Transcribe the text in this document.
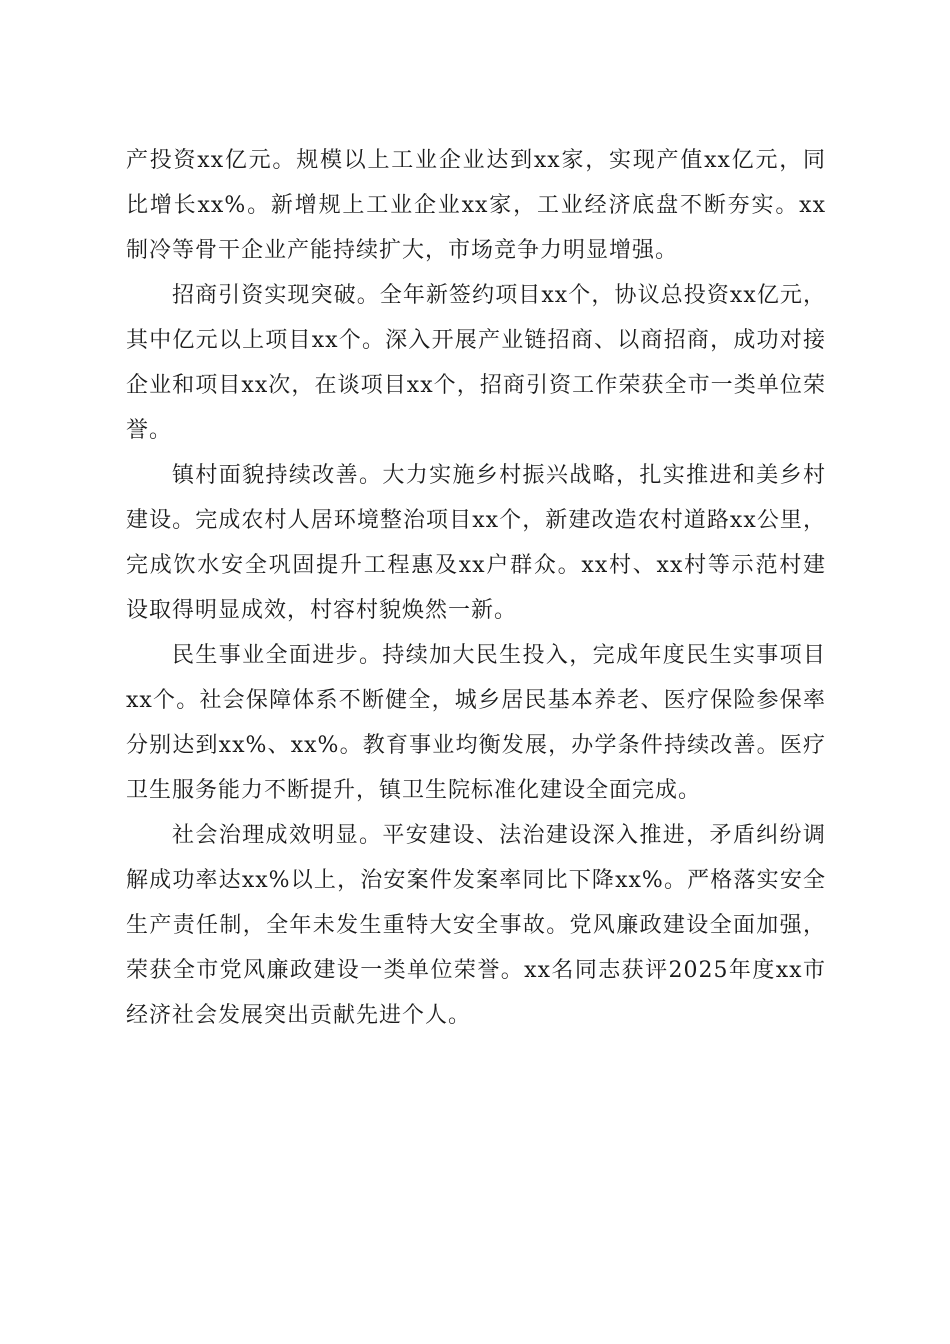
产投资xx亿元。规模以上工业企业达到xx家，实现产值xx亿元，同比增长xx%。新增规上工业企业xx家，工业经济底盘不断夯实。xx制冷等骨干企业产能持续扩大，市场竞争力明显增强。

招商引资实现突破。全年新签约项目xx个，协议总投资xx亿元，其中亿元以上项目xx个。深入开展产业链招商、以商招商，成功对接企业和项目xx次，在谈项目xx个，招商引资工作荣获全市一类单位荣誉。

镇村面貌持续改善。大力实施乡村振兴战略，扎实推进和美乡村建设。完成农村人居环境整治项目xx个，新建改造农村道路xx公里，完成饮水安全巩固提升工程惠及xx户群众。xx村、xx村等示范村建设取得明显成效，村容村貌焕然一新。

民生事业全面进步。持续加大民生投入，完成年度民生实事项目xx个。社会保障体系不断健全，城乡居民基本养老、医疗保险参保率分别达到xx%、xx%。教育事业均衡发展，办学条件持续改善。医疗卫生服务能力不断提升，镇卫生院标准化建设全面完成。

社会治理成效明显。平安建设、法治建设深入推进，矛盾纠纷调解成功率达xx%以上，治安案件发案率同比下降xx%。严格落实安全生产责任制，全年未发生重特大安全事故。党风廉政建设全面加强，荣获全市党风廉政建设一类单位荣誉。xx名同志获评2025年度xx市经济社会发展突出贡献先进个人。
